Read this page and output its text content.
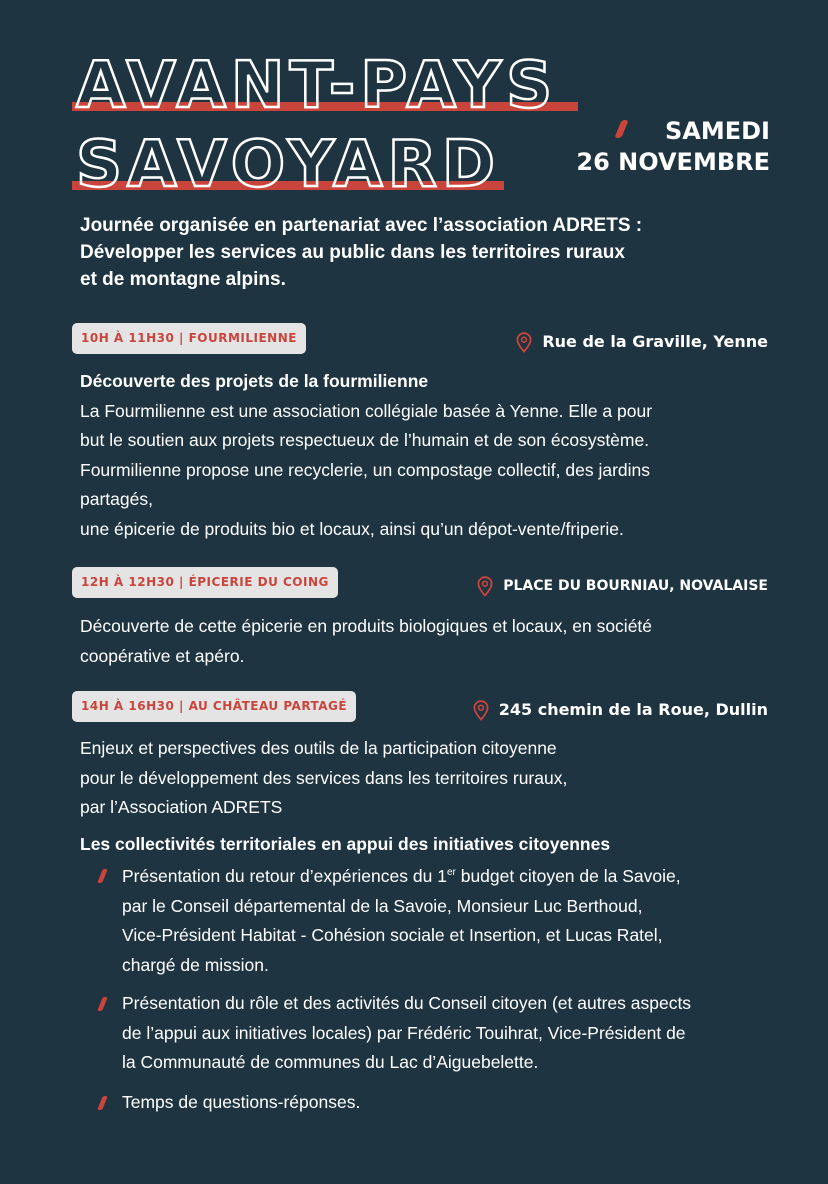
AVANT-PAYS
SAVOYARD	SAMEDI
26 NOVEMBRE
Journée organisée en partenariat avec l’association ADRETS :
Développer les services au public dans les territoires ruraux
et de montagne alpins.
10H À 11H30 | FOURMILIENNE	Rue de la Graville, Yenne
Découverte des projets de la fourmilienne
La Fourmilienne est une association collégiale basée à Yenne. Elle a pour
but le soutien aux projets respectueux de l’humain et de son écosystème.
Fourmilienne propose une recyclerie, un compostage collectif, des jardins
partagés,
une épicerie de produits bio et locaux, ainsi qu’un dépot-vente/friperie.
12H À 12H30 | ÉPICERIE DU COING	PLACE DU BOURNIAU, NOVALAISE
Découverte de cette épicerie en produits biologiques et locaux, en société
coopérative et apéro.
14H À 16H30 | AU CHÂTEAU PARTAGÉ	245 chemin de la Roue, Dullin
Enjeux et perspectives des outils de la participation citoyenne
pour le développement des services dans les territoires ruraux,
par l’Association ADRETS
Les collectivités territoriales en appui des initiatives citoyennes
Présentation du retour d’expériences du 1er budget citoyen de la Savoie,
par le Conseil départemental de la Savoie, Monsieur Luc Berthoud,
Vice-Président Habitat - Cohésion sociale et Insertion, et Lucas Ratel,
chargé de mission.
Présentation du rôle et des activités du Conseil citoyen (et autres aspects
de l’appui aux initiatives locales) par Frédéric Touihrat, Vice-Président de
la Communauté de communes du Lac d’Aiguebelette.
Temps de questions-réponses.
